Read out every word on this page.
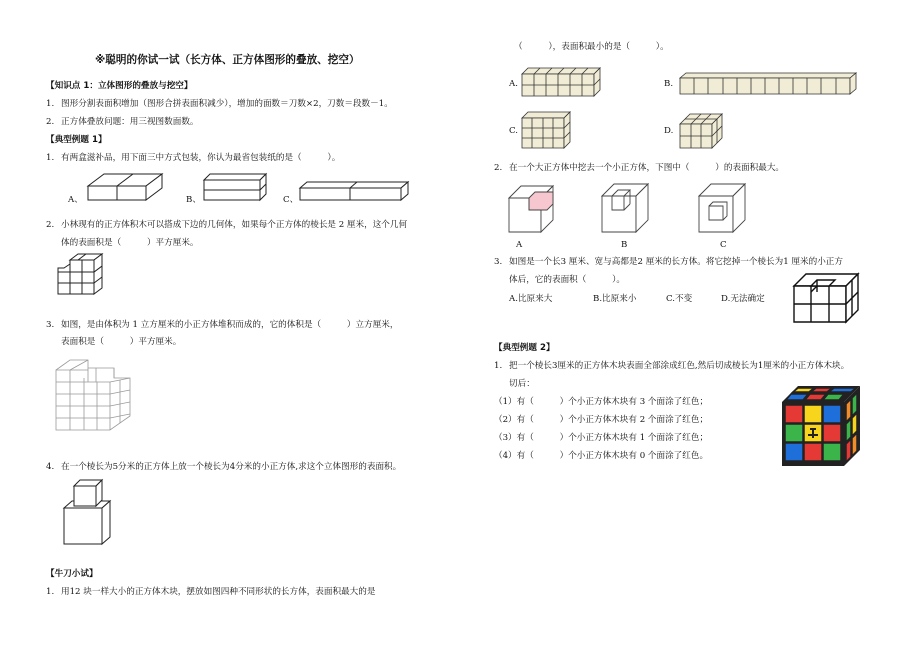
※聪明的你试一试（长方体、正方体图形的叠放、挖空）
【知识点 1：立体图形的叠放与挖空】
1. 图形分割表面积增加（图形合拼表面积减少），增加的面数＝刀数×2，刀数＝段数－1。
2. 正方体叠放问题：用三视图数面数。
【典型例题 1】
1. 有两盒滋补品，用下面三中方式包装，你认为最省包装纸的是（　　　）。
A、	B、	C、
2. 小林现有的正方体积木可以搭成下边的几何体，如果每个正方体的棱长是 2 厘米，这个几何
体的表面积是（　　　）平方厘米。
3. 如图，是由体积为 1 立方厘米的小正方体堆积而成的，它的体积是（　　　）立方厘米，
表面积是（　　　）平方厘米。
4. 在一个棱长为5分米的正方体上放一个棱长为4分米的小正方体,求这个立体图形的表面积。
【牛刀小试】
1. 用12 块一样大小的正方体木块，摆放如图四种不同形状的长方体，表面积最大的是
（　　　），表面积最小的是（　　　）。
A.	B.
C.	D.
2. 在一个大正方体中挖去一个小正方体，下图中（　　　）的表面积最大。
A	B	C
3. 如图是一个长3 厘米、宽与高都是2 厘米的长方体。将它挖掉一个棱长为1 厘米的小正方
体后，它的表面积（　　　）。
A.比原来大	B.比原来小	C.不变	D.无法确定
【典型例题 2】
1. 把一个棱长3厘米的正方体木块表面全部涂成红色,然后切成棱长为1厘米的小正方体木块。
切后：
（1）有（　　　）个小正方体木块有 3 个面涂了红色；
（2）有（　　　）个小正方体木块有 2 个面涂了红色；
（3）有（　　　）个小正方体木块有 1 个面涂了红色；
（4）有（　　　）个小正方体木块有 0 个面涂了红色。
